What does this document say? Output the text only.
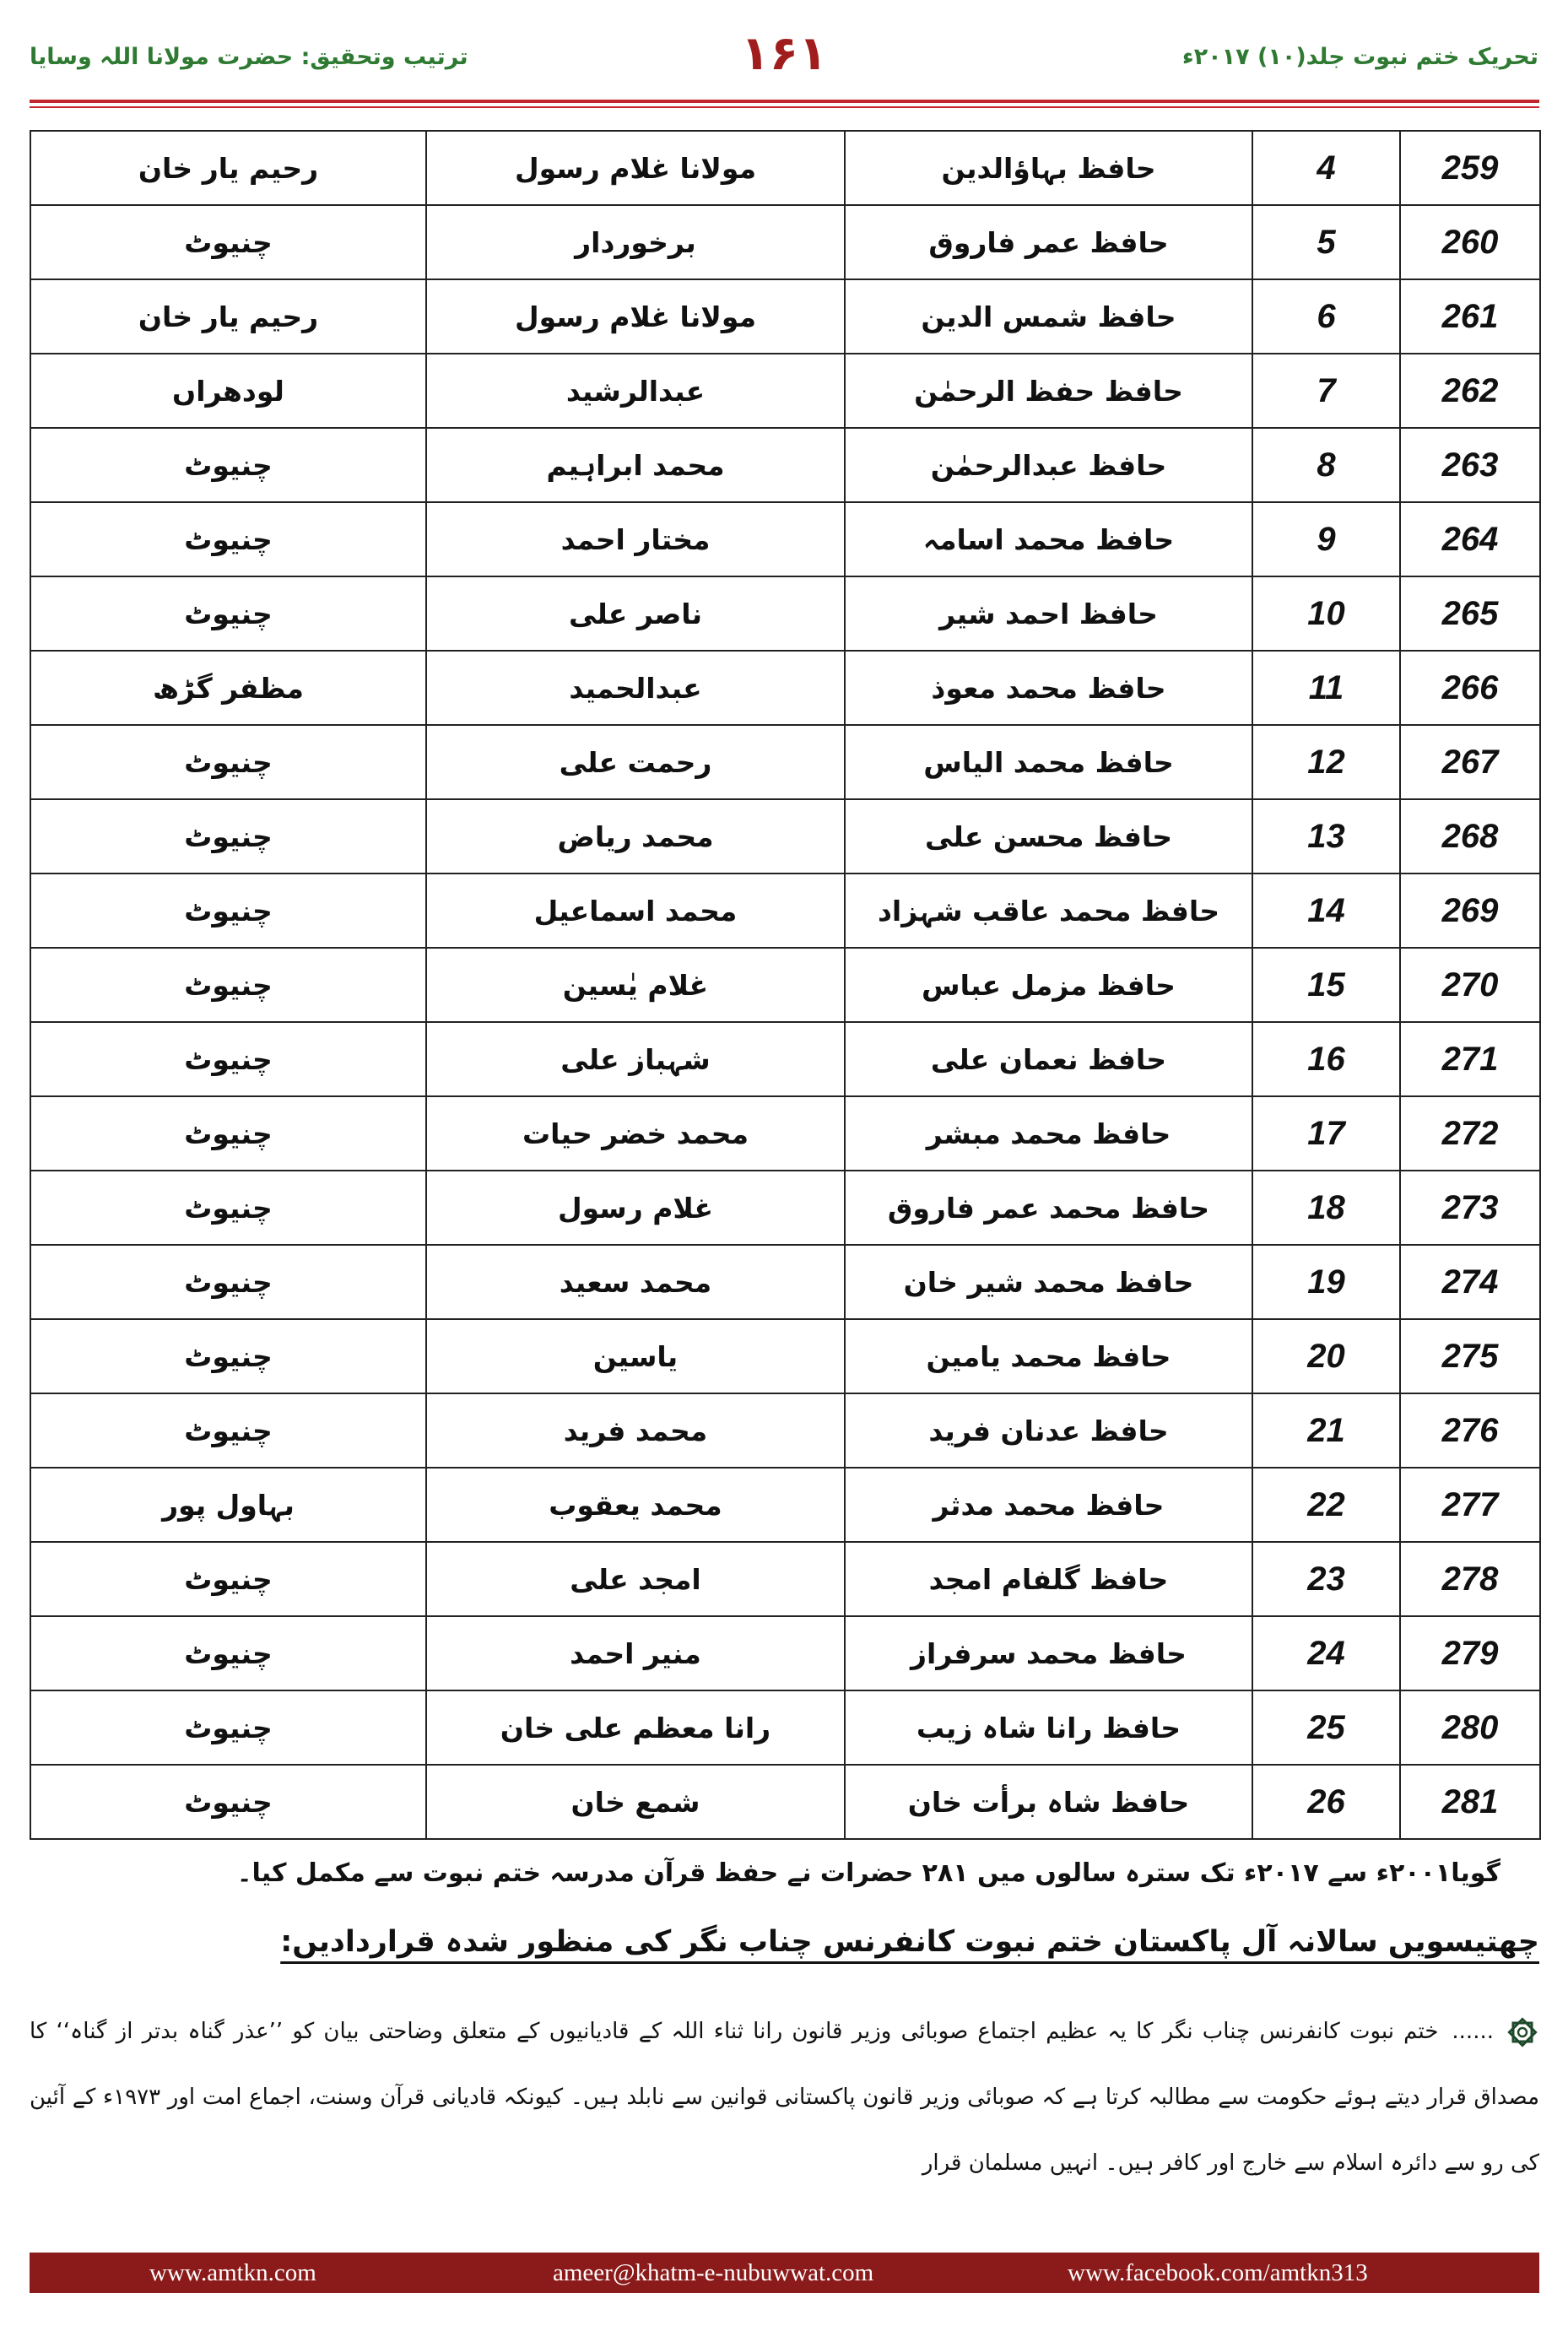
تحریک ختم نبوت جلد(۱۰) ۲۰۱۷ء
۱۶۱
ترتیب وتحقیق: حضرت مولانا اللہ وسایا
259	4	حافظ بہاؤالدین	مولانا غلام رسول	رحیم یار خان
260	5	حافظ عمر فاروق	برخوردار	چنیوٹ
261	6	حافظ شمس الدین	مولانا غلام رسول	رحیم یار خان
262	7	حافظ حفظ الرحمٰن	عبدالرشید	لودھراں
263	8	حافظ عبدالرحمٰن	محمد ابراہیم	چنیوٹ
264	9	حافظ محمد اسامہ	مختار احمد	چنیوٹ
265	10	حافظ احمد شیر	ناصر علی	چنیوٹ
266	11	حافظ محمد معوذ	عبدالحمید	مظفر گڑھ
267	12	حافظ محمد الیاس	رحمت علی	چنیوٹ
268	13	حافظ محسن علی	محمد ریاض	چنیوٹ
269	14	حافظ محمد عاقب شہزاد	محمد اسماعیل	چنیوٹ
270	15	حافظ مزمل عباس	غلام یٰسین	چنیوٹ
271	16	حافظ نعمان علی	شہباز علی	چنیوٹ
272	17	حافظ محمد مبشر	محمد خضر حیات	چنیوٹ
273	18	حافظ محمد عمر فاروق	غلام رسول	چنیوٹ
274	19	حافظ محمد شیر خان	محمد سعید	چنیوٹ
275	20	حافظ محمد یامین	یاسین	چنیوٹ
276	21	حافظ عدنان فرید	محمد فرید	چنیوٹ
277	22	حافظ محمد مدثر	محمد یعقوب	بہاول پور
278	23	حافظ گلفام امجد	امجد علی	چنیوٹ
279	24	حافظ محمد سرفراز	منیر احمد	چنیوٹ
280	25	حافظ رانا شاہ زیب	رانا معظم علی خان	چنیوٹ
281	26	حافظ شاہ برأت خان	شمع خان	چنیوٹ

گویا۲۰۰۱ء سے ۲۰۱۷ء تک سترہ سالوں میں ۲۸۱ حضرات نے حفظ قرآن مدرسہ ختم نبوت سے مکمل کیا۔

چھتیسویں سالانہ آل پاکستان ختم نبوت کانفرنس چناب نگر کی منظور شدہ قراردادیں:
......ختم نبوت کانفرنس چناب نگر کا یہ عظیم اجتماع صوبائی وزیر قانون رانا ثناء اللہ کے قادیانیوں کے متعلق وضاحتی بیان کو ’’عذر گناہ بدتر از گناہ‘‘ کا مصداق قرار دیتے ہوئے حکومت سے مطالبہ کرتا ہے کہ صوبائی وزیر قانون پاکستانی قوانین سے نابلد ہیں۔ کیونکہ قادیانی قرآن وسنت، اجماع امت اور ۱۹۷۳ء کے آئین کی رو سے دائرہ اسلام سے خارج اور کافر ہیں۔ انہیں مسلمان قرار
www.amtkn.com	ameer@khatm-e-nubuwwat.com	www.facebook.com/amtkn313
